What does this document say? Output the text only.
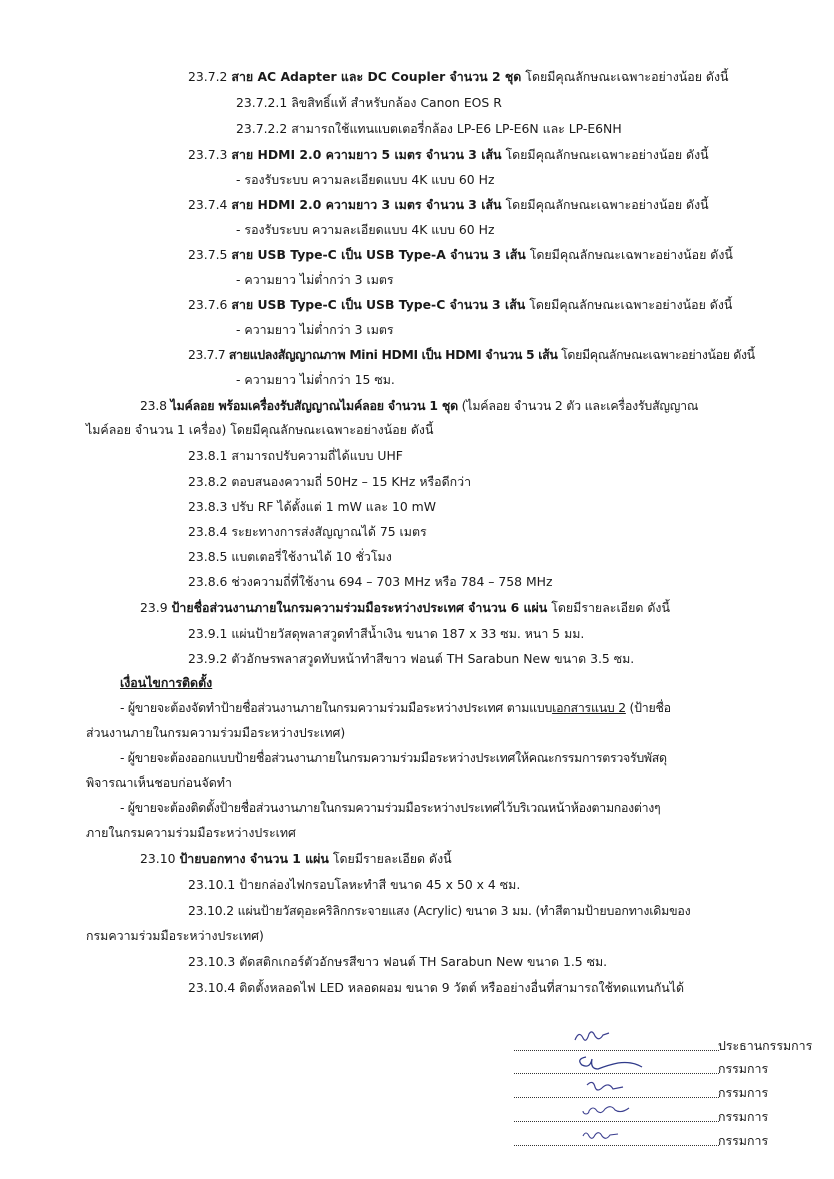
23.7.2 สาย AC Adapter และ DC Coupler จำนวน 2 ชุด โดยมีคุณลักษณะเฉพาะอย่างน้อย ดังนี้
23.7.2.1 ลิขสิทธิ์แท้ สำหรับกล้อง Canon EOS R
23.7.2.2 สามารถใช้แทนแบตเตอรี่กล้อง LP-E6 LP-E6N และ LP-E6NH
23.7.3 สาย HDMI 2.0 ความยาว 5 เมตร จำนวน 3 เส้น โดยมีคุณลักษณะเฉพาะอย่างน้อย ดังนี้
- รองรับระบบ ความละเอียดแบบ 4K แบบ 60 Hz
23.7.4 สาย HDMI 2.0 ความยาว 3 เมตร จำนวน 3 เส้น โดยมีคุณลักษณะเฉพาะอย่างน้อย ดังนี้
- รองรับระบบ ความละเอียดแบบ 4K แบบ 60 Hz
23.7.5 สาย USB Type-C เป็น USB Type-A จำนวน 3 เส้น โดยมีคุณลักษณะเฉพาะอย่างน้อย ดังนี้
- ความยาว ไม่ต่ำกว่า 3 เมตร
23.7.6 สาย USB Type-C เป็น USB Type-C จำนวน 3 เส้น โดยมีคุณลักษณะเฉพาะอย่างน้อย ดังนี้
- ความยาว ไม่ต่ำกว่า 3 เมตร
23.7.7 สายแปลงสัญญาณภาพ Mini HDMI เป็น HDMI จำนวน 5 เส้น โดยมีคุณลักษณะเฉพาะอย่างน้อย ดังนี้
- ความยาว ไม่ต่ำกว่า 15 ซม.
23.8 ไมค์ลอย พร้อมเครื่องรับสัญญาณไมค์ลอย จำนวน 1 ชุด (ไมค์ลอย จำนวน 2 ตัว และเครื่องรับสัญญาณ
ไมค์ลอย จำนวน 1 เครื่อง) โดยมีคุณลักษณะเฉพาะอย่างน้อย ดังนี้
23.8.1 สามารถปรับความถี่ได้แบบ UHF
23.8.2 ตอบสนองความถี่ 50Hz – 15 KHz หรือดีกว่า
23.8.3 ปรับ RF ได้ตั้งแต่ 1 mW และ 10 mW
23.8.4 ระยะทางการส่งสัญญาณได้ 75 เมตร
23.8.5 แบตเตอรี่ใช้งานได้ 10 ชั่วโมง
23.8.6 ช่วงความถี่ที่ใช้งาน 694 – 703 MHz หรือ 784 – 758 MHz
23.9 ป้ายชื่อส่วนงานภายในกรมความร่วมมือระหว่างประเทศ จำนวน 6 แผ่น โดยมีรายละเอียด ดังนี้
23.9.1 แผ่นป้ายวัสดุพลาสวูดทำสีน้ำเงิน ขนาด 187 x 33 ซม. หนา 5 มม.
23.9.2 ตัวอักษรพลาสวูดทับหน้าทำสีขาว ฟอนต์ TH Sarabun New ขนาด 3.5 ซม.
เงื่อนไขการติดตั้ง
- ผู้ขายจะต้องจัดทำป้ายชื่อส่วนงานภายในกรมความร่วมมือระหว่างประเทศ ตามแบบเอกสารแนบ 2 (ป้ายชื่อ
ส่วนงานภายในกรมความร่วมมือระหว่างประเทศ)
- ผู้ขายจะต้องออกแบบป้ายชื่อส่วนงานภายในกรมความร่วมมือระหว่างประเทศให้คณะกรรมการตรวจรับพัสดุ
พิจารณาเห็นชอบก่อนจัดทำ
- ผู้ขายจะต้องติดตั้งป้ายชื่อส่วนงานภายในกรมความร่วมมือระหว่างประเทศไว้บริเวณหน้าห้องตามกองต่างๆ
ภายในกรมความร่วมมือระหว่างประเทศ
23.10 ป้ายบอกทาง จำนวน 1 แผ่น โดยมีรายละเอียด ดังนี้
23.10.1 ป้ายกล่องไฟกรอบโลหะทำสี ขนาด 45 x 50 x 4 ซม.
23.10.2 แผ่นป้ายวัสดุอะคริลิกกระจายแสง (Acrylic) ขนาด 3 มม. (ทำสีตามป้ายบอกทางเดิมของ
กรมความร่วมมือระหว่างประเทศ)
23.10.3 ตัดสติกเกอร์ตัวอักษรสีขาว ฟอนต์ TH Sarabun New ขนาด 1.5 ซม.
23.10.4 ติดตั้งหลอดไฟ LED หลอดผอม ขนาด 9 วัตต์ หรืออย่างอื่นที่สามารถใช้ทดแทนกันได้
ประธานกรรมการ
กรรมการ
กรรมการ
กรรมการ
กรรมการ
